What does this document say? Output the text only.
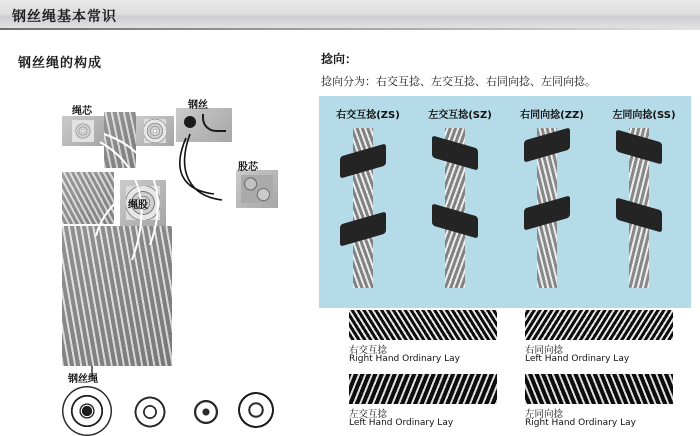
钢丝绳基本常识
钢丝绳的构成
绳芯
钢丝
股芯
绳股
钢丝绳
捻向：
捻向分为：右交互捻、左交互捻、右同向捻、左同向捻。
右交互捻(ZS)	左交互捻(SZ)	右同向捻(ZZ)	左同向捻(SS)
右交互捻
Right Hand Ordinary Lay
右同向捻
Left Hand Ordinary Lay
左交互捻
Left Hand Ordinary Lay
左同向捻
Right Hand Ordinary Lay
